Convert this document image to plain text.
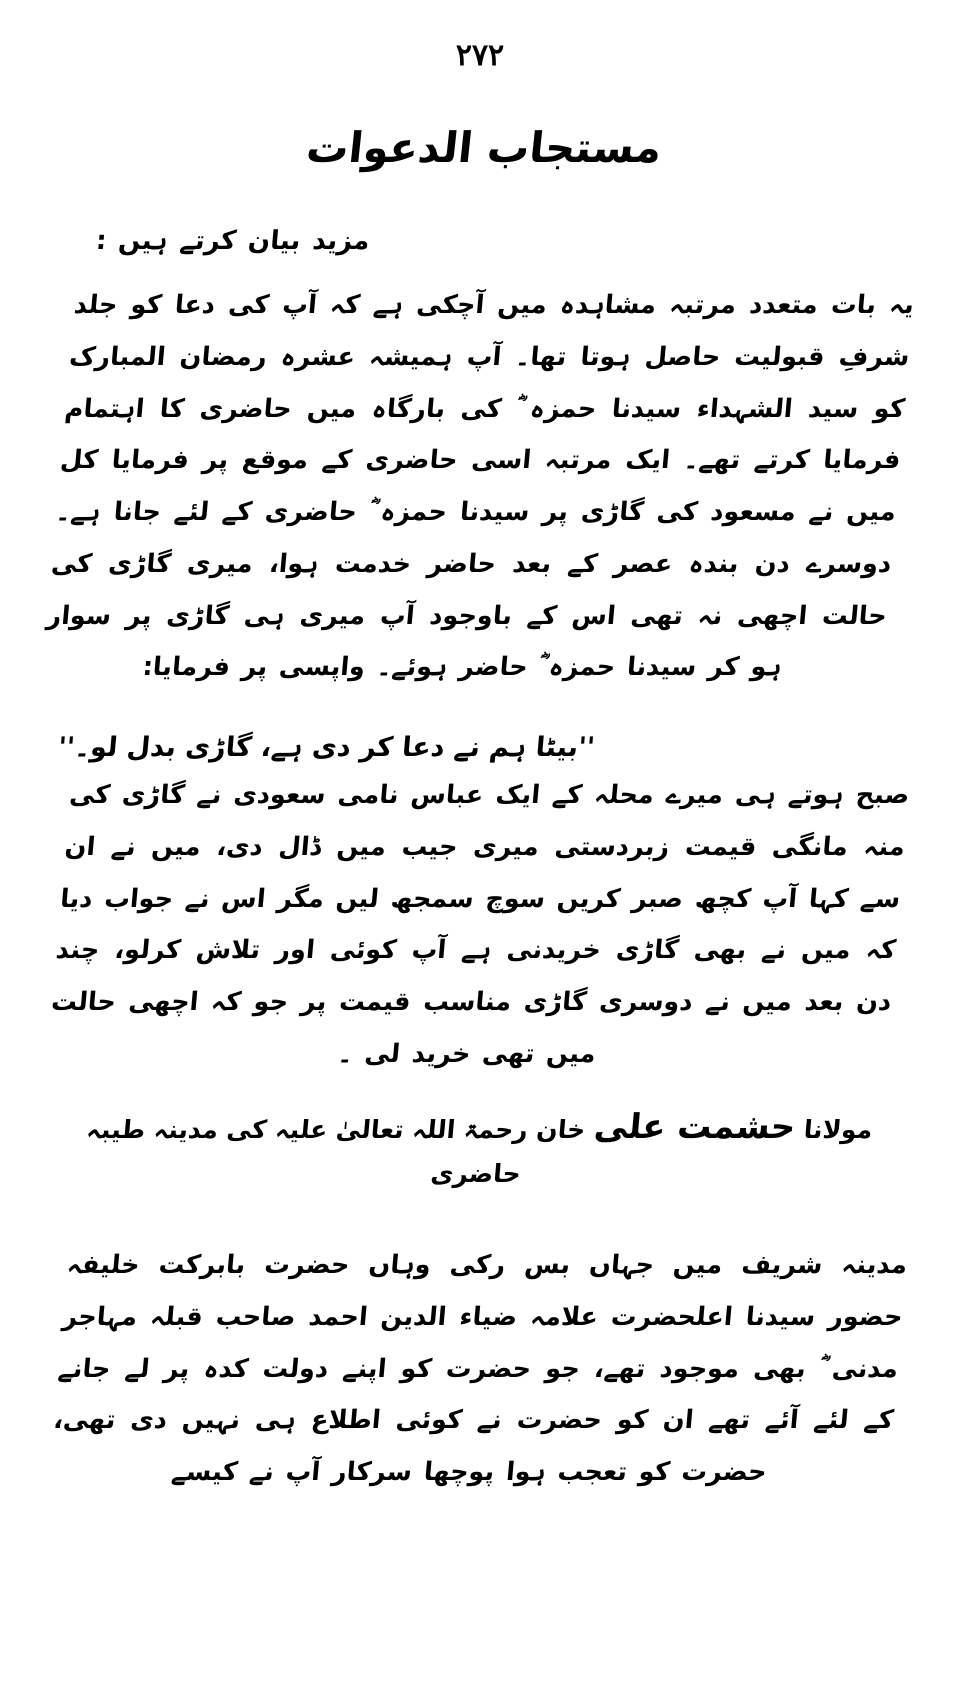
٢٧٢
مستجاب الدعوات
مزید بیان کرتے ہیں :
یہ بات متعدد مرتبہ مشاہدہ میں آچکی ہے کہ آپ کی دعا کو جلد شرفِ قبولیت حاصل ہوتا تھا۔ آپ ہمیشہ عشرہ رمضان المبارک کو سید الشہداء سیدنا حمزہ ؓ کی بارگاہ میں حاضری کا اہتمام فرمایا کرتے تھے۔ ایک مرتبہ اسی حاضری کے موقع پر فرمایا کل میں نے مسعود کی گاڑی پر سیدنا حمزہ ؓ حاضری کے لئے جانا ہے۔ دوسرے دن بندہ عصر کے بعد حاضر خدمت ہوا، میری گاڑی کی حالت اچھی نہ تھی اس کے باوجود آپ میری ہی گاڑی پر سوار ہو کر سیدنا حمزہ ؓ حاضر ہوئے۔ واپسی پر فرمایا:
''بیٹا ہم نے دعا کر دی ہے، گاڑی بدل لو۔''
صبح ہوتے ہی میرے محلہ کے ایک عباس نامی سعودی نے گاڑی کی منہ مانگی قیمت زبردستی میری جیب میں ڈال دی، میں نے ان سے کہا آپ کچھ صبر کریں سوچ سمجھ لیں مگر اس نے جواب دیا کہ میں نے بھی گاڑی خریدنی ہے آپ کوئی اور تلاش کرلو، چند دن بعد میں نے دوسری گاڑی مناسب قیمت پر جو کہ اچھی حالت میں تھی خرید لی ۔
مولانا حشمت علی خان رحمۃ اللہ تعالیٰ علیہ کی مدینہ طیبہ حاضری
مدینہ شریف میں جہاں بس رکی وہاں حضرت بابرکت خلیفہ حضور سیدنا اعلحضرت علامہ ضیاء الدین احمد صاحب قبلہ مہاجر مدنی ؓ بھی موجود تھے، جو حضرت کو اپنے دولت کدہ پر لے جانے کے لئے آئے تھے ان کو حضرت نے کوئی اطلاع ہی نہیں دی تھی، حضرت کو تعجب ہوا پوچھا سرکار آپ نے کیسے
